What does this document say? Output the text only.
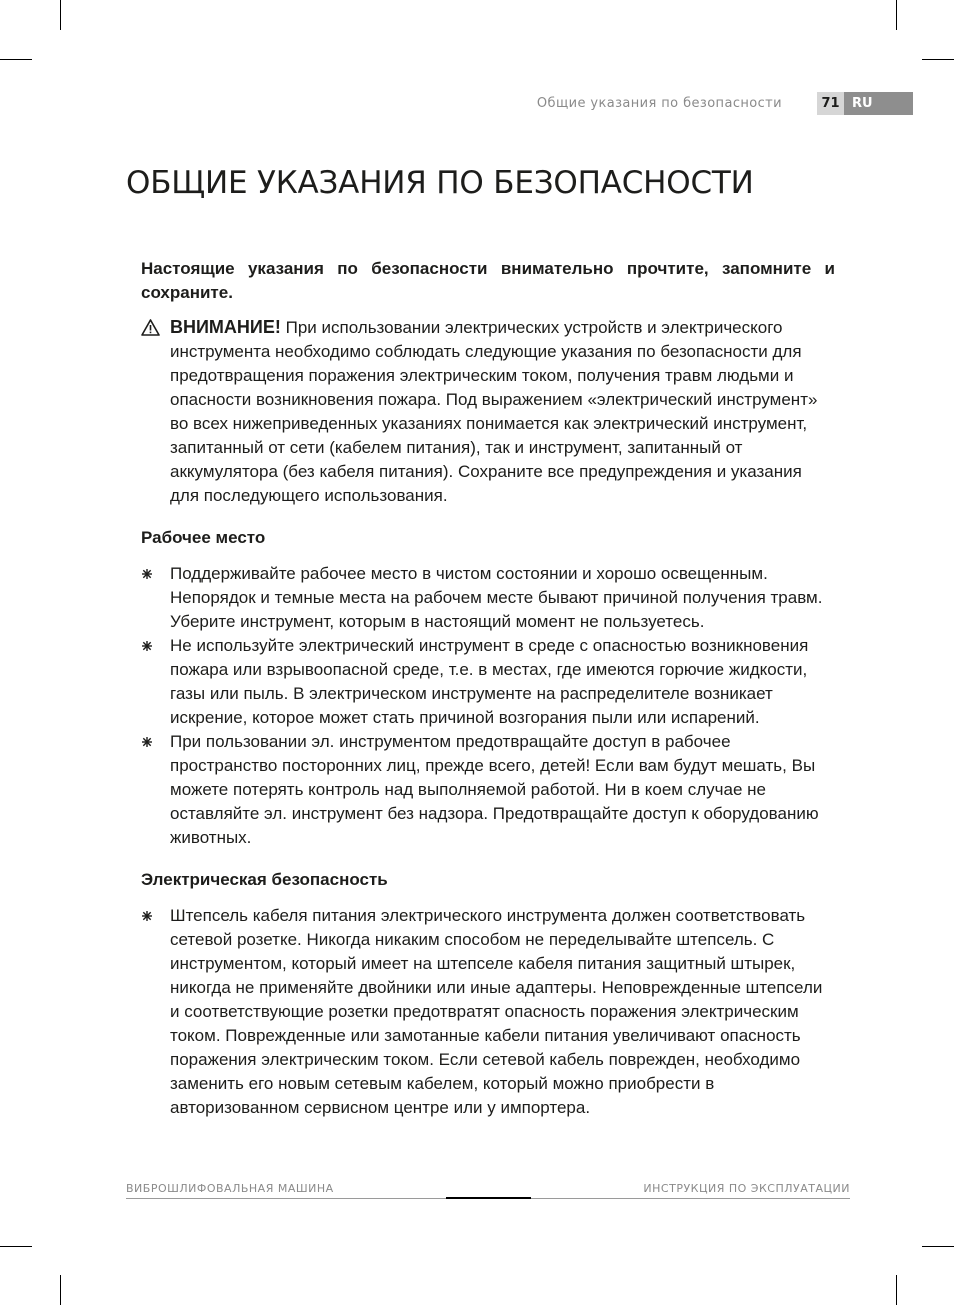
Общие указания по безопасности	71 RU
ОБЩИЕ УКАЗАНИЯ ПО БЕЗОПАСНОСТИ

Настоящие указания по безопасности внимательно прочтите, запомните и сохраните.

ВНИМАНИЕ! При использовании электрических устройств и электрического инструмента необходимо соблюдать следующие указания по безопасности для предотвращения поражения электрическим током, получения травм людьми и опасности возникновения пожара. Под выражением «электрический инструмент» во всех нижеприведенных указаниях понимается как электрический инструмент, запитанный от сети (кабелем питания), так и инструмент, запитанный от аккумулятора (без кабеля питания). Сохраните все предупреждения и указания для последующего использования.
Рабочее место
Поддерживайте рабочее место в чистом состоянии и хорошо освещенным. Непорядок и темные места на рабочем месте бывают причиной получения травм. Уберите инструмент, которым в настоящий момент не пользуетесь.
Не используйте электрический инструмент в среде с опасностью возникновения пожара или взрывоопасной среде, т.е. в местах, где имеются горючие жидкости, газы или пыль. В электрическом инструменте на распределителе возникает искрение, которое может стать причиной возгорания пыли или испарений.
При пользовании эл. инструментом предотвращайте доступ в рабочее пространство посторонних лиц, прежде всего, детей! Если вам будут мешать, Вы можете потерять контроль над выполняемой работой. Ни в коем случае не оставляйте эл. инструмент без надзора. Предотвращайте доступ к оборудованию животных.
Электрическая безопасность
Штепсель кабеля питания электрического инструмента должен соответствовать сетевой розетке. Никогда никаким способом не переделывайте штепсель. С инструментом, который имеет на штепселе кабеля питания защитный штырек, никогда не применяйте двойники или иные адаптеры. Неповрежденные штепсели и соответствующие розетки предотвратят опасность поражения электрическим током. Поврежденные или замотанные кабели питания увеличивают опасность поражения электрическим током. Если сетевой кабель поврежден, необходимо заменить его новым сетевым кабелем, который можно приобрести в авторизованном сервисном центре или у импортера.
ВИБРОШЛИФОВАЛЬНАЯ МАШИНА	ИНСТРУКЦИЯ ПО ЭКСПЛУАТАЦИИ
